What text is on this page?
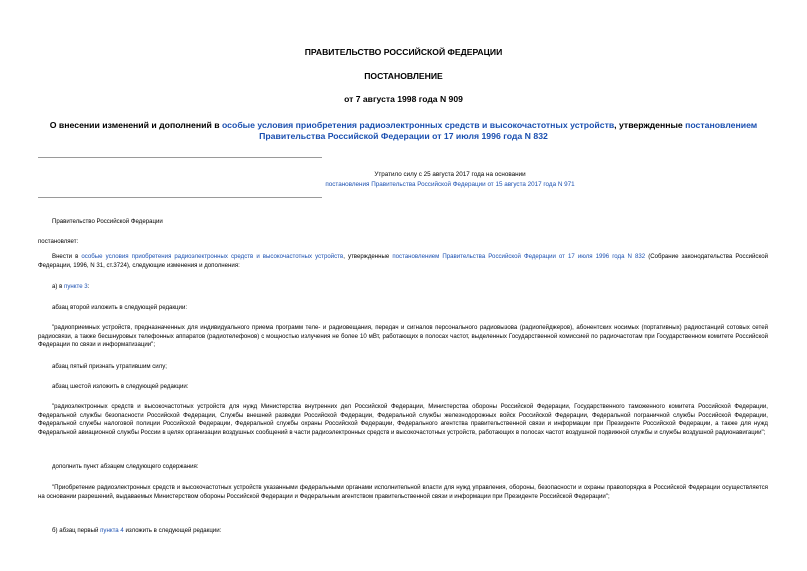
ПРАВИТЕЛЬСТВО РОССИЙСКОЙ ФЕДЕРАЦИИ
ПОСТАНОВЛЕНИЕ
от 7 августа 1998 года N 909
О внесении изменений и дополнений в особые условия приобретения радиоэлектронных средств и высокочастотных устройств, утвержденные постановлением Правительства Российской Федерации от 17 июля 1996 года N 832
Утратило силу с 25 августа 2017 года на основании
постановления Правительства Российской Федерации от 15 августа 2017 года N 971
Правительство Российской Федерации
постановляет:
Внести в особые условия приобретения радиоэлектронных средств и высокочастотных устройств, утвержденные постановлением Правительства Российской Федерации от 17 июля 1996 года N 832 (Собрание законодательства Российской Федерации, 1996, N 31, ст.3724), следующие изменения и дополнения:
а) в пункте 3:
абзац второй изложить в следующей редакции:
"радиоприемных устройств, предназначенных для индивидуального приема программ теле- и радиовещания, передач и сигналов персонального радиовызова (радиопейджеров), абонентских носимых (портативных) радиостанций сотовых сетей радиосвязи, а также бесшнуровых телефонных аппаратов (радиотелефонов) с мощностью излучения не более 10 мВт, работающих в полосах частот, выделенных Государственной комиссией по радиочастотам при Государственном комитете Российской Федерации по связи и информатизации";
абзац пятый признать утратившим силу;
абзац шестой изложить в следующей редакции:
"радиоэлектронных средств и высокочастотных устройств для нужд Министерства внутренних дел Российской Федерации, Министерства обороны Российской Федерации, Государственного таможенного комитета Российской Федерации, Федеральной службы безопасности Российской Федерации, Службы внешней разведки Российской Федерации, Федеральной службы железнодорожных войск Российской Федерации, Федеральной пограничной службы Российской Федерации, Федеральной службы налоговой полиции Российской Федерации, Федеральной службы охраны Российской Федерации, Федерального агентства правительственной связи и информации при Президенте Российской Федерации, а также для нужд Федеральной авиационной службы России в целях организации воздушных сообщений в части радиоэлектронных средств и высокочастотных устройств, работающих в полосах частот воздушной подвижной службы и службы воздушной радионавигации";
дополнить пункт абзацем следующего содержания:
"Приобретение радиоэлектронных средств и высокочастотных устройств указанными федеральными органами исполнительной власти для нужд управления, обороны, безопасности и охраны правопорядка в Российской Федерации осуществляется на основании разрешений, выдаваемых Министерством обороны Российской Федерации и Федеральным агентством правительственной связи и информации при Президенте Российской Федерации";
б) абзац первый пункта 4 изложить в следующей редакции:
